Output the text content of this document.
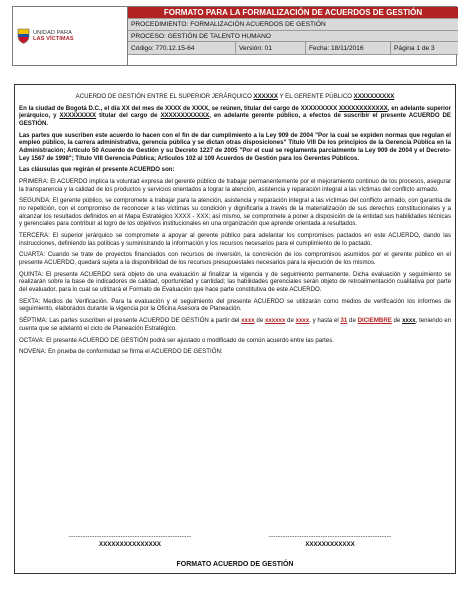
UNIDAD PARA
LAS VÍCTIMAS
FORMATO PARA LA FORMALIZACIÓN DE ACUERDOS DE GESTIÓN
PROCEDIMIENTO: FORMALIZACIÓN ACUERDOS DE GESTIÓN
PROCESO: GESTIÓN DE TALENTO HUMANO
Código: 770.12.15-64	Versión: 01	Fecha: 18/11/2016	Página 1 de 3

ACUERDO DE GESTIÓN ENTRE EL SUPERIOR JERÁRQUICO XXXXXX Y EL GERENTE PÚBLICO XXXXXXXXXX

En la ciudad de Bogotá D.C., el día XX del mes de XXXX de XXXX, se reúnen, titular del cargo de XXXXXXXXX XXXXXXXXXXXX, en adelante superior jerárquico, y XXXXXXXXX titular del cargo de XXXXXXXXXXXX, en adelante gerente público, a efectos de suscribir el presente ACUERDO DE GESTIÓN.

Las partes que suscriben este acuerdo lo hacen con el fin de dar cumplimiento a la Ley 909 de 2004 "Por la cual se expiden normas que regulan el empleo público, la carrera administrativa, gerencia pública y se dictan otras disposiciones" Título VIII De los principios de la Gerencia Pública en la Administración; Artículo 50 Acuerdo de Gestión y su Decreto 1227 de 2005 "Por el cual se reglamenta parcialmente la Ley 909 de 2004 y el Decreto-Ley 1567 de 1998"; Título VIII Gerencia Pública; Artículos 102 al 109 Acuerdos de Gestión para los Gerentes Públicos.

Las cláusulas que regirán el presente ACUERDO son:

PRIMERA: El ACUERDO implica la voluntad expresa del gerente público de trabajar permanentemente por el mejoramiento continuo de los procesos, asegurar la transparencia y la calidad de los productos y servicios orientados a lograr la atención, asistencia y reparación integral a las víctimas del conflicto armado.

SEGUNDA: El gerente público, se compromete a trabajar para la atención, asistencia y reparación integral a las víctimas del conflicto armado, con garantía de no repetición, con el compromiso de reconocer a las víctimas su condición y dignificarla a través de la materialización de sus derechos constitucionales y a alcanzar los resultados definidos en el Mapa Estratégico XXXX - XXX; así mismo, se compromete a poner a disposición de la entidad sus habilidades técnicas y gerenciales para contribuir al logro de los objetivos institucionales en una organización que aprende orientada a resultados.

TERCERA: El superior jerárquico se compromete a apoyar al gerente público para adelantar los compromisos pactados en este ACUERDO, dando las instrucciones, definiendo las políticas y suministrando la información y los recursos necesarios para el cumplimiento de lo pactado.

CUARTA: Cuando se trate de proyectos financiados con recursos de inversión, la concreción de los compromisos asumidos por el gerente público en el presente ACUERDO, quedará sujeta a la disponibilidad de los recursos presupuestales necesarios para la ejecución de los mismos.

QUINTA: El presente ACUERDO será objeto de una evaluación al finalizar la vigencia y de seguimiento permanente. Dicha evaluación y seguimiento se realizarán sobre la base de indicadores de calidad, oportunidad y cantidad; las habilidades gerenciales serán objeto de retroalimentación cualitativa por parte del evaluador, para lo cual se utilizará el Formato de Evaluación que hace parte constitutiva de este ACUERDO.

SEXTA: Medios de Verificación. Para la evaluación y el seguimiento del presente ACUERDO se utilizarán como medios de verificación los informes de seguimiento, elaborados durante la vigencia por la Oficina Asesora de Planeación.

SÉPTIMA: Las partes suscriben el presente ACUERDO DE GESTIÓN a partir del xxxx de xxxxxx de xxxx, y hasta el 31 de DICIEMBRE de xxxx, teniendo en cuenta que se adelantó el ciclo de Planeación Estratégico.

OCTAVA: El presente ACUERDO DE GESTIÓN podrá ser ajustado o modificado de común acuerdo entre las partes.

NOVENA: En prueba de conformidad se firma el ACUERDO DE GESTIÓN:

----------------------------------------------------
XXXXXXXXXXXXXXX
----------------------------------------------------
XXXXXXXXXXXX
FORMATO ACUERDO DE GESTIÓN
